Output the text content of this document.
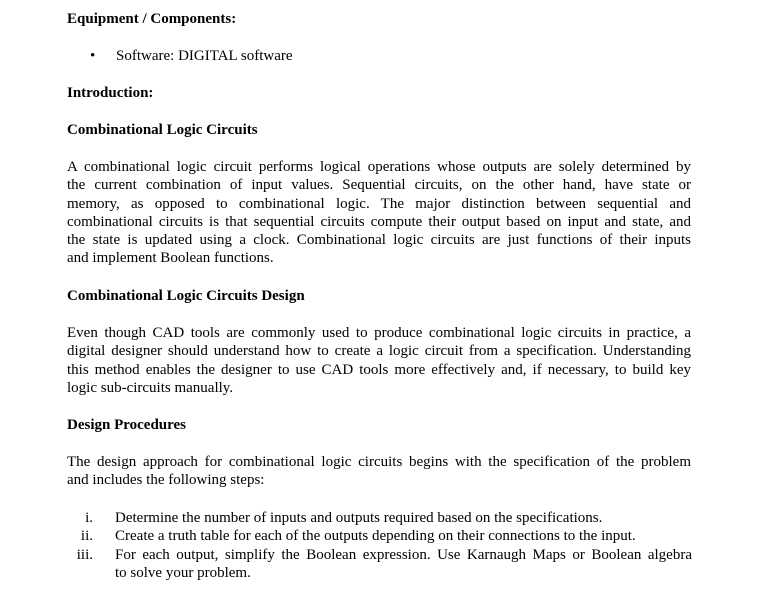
Equipment / Components:
• Software: DIGITAL software
Introduction:
Combinational Logic Circuits
A combinational logic circuit performs logical operations whose outputs are solely determined by
the current combination of input values. Sequential circuits, on the other hand, have state or
memory, as opposed to combinational logic. The major distinction between sequential and
combinational circuits is that sequential circuits compute their output based on input and state, and
the state is updated using a clock. Combinational logic circuits are just functions of their inputs
and implement Boolean functions.
Combinational Logic Circuits Design
Even though CAD tools are commonly used to produce combinational logic circuits in practice, a
digital designer should understand how to create a logic circuit from a specification. Understanding
this method enables the designer to use CAD tools more effectively and, if necessary, to build key
logic sub-circuits manually.
Design Procedures
The design approach for combinational logic circuits begins with the specification of the problem
and includes the following steps:
i. Determine the number of inputs and outputs required based on the specifications.
ii. Create a truth table for each of the outputs depending on their connections to the input.
iii. For each output, simplify the Boolean expression. Use Karnaugh Maps or Boolean algebra
to solve your problem.
